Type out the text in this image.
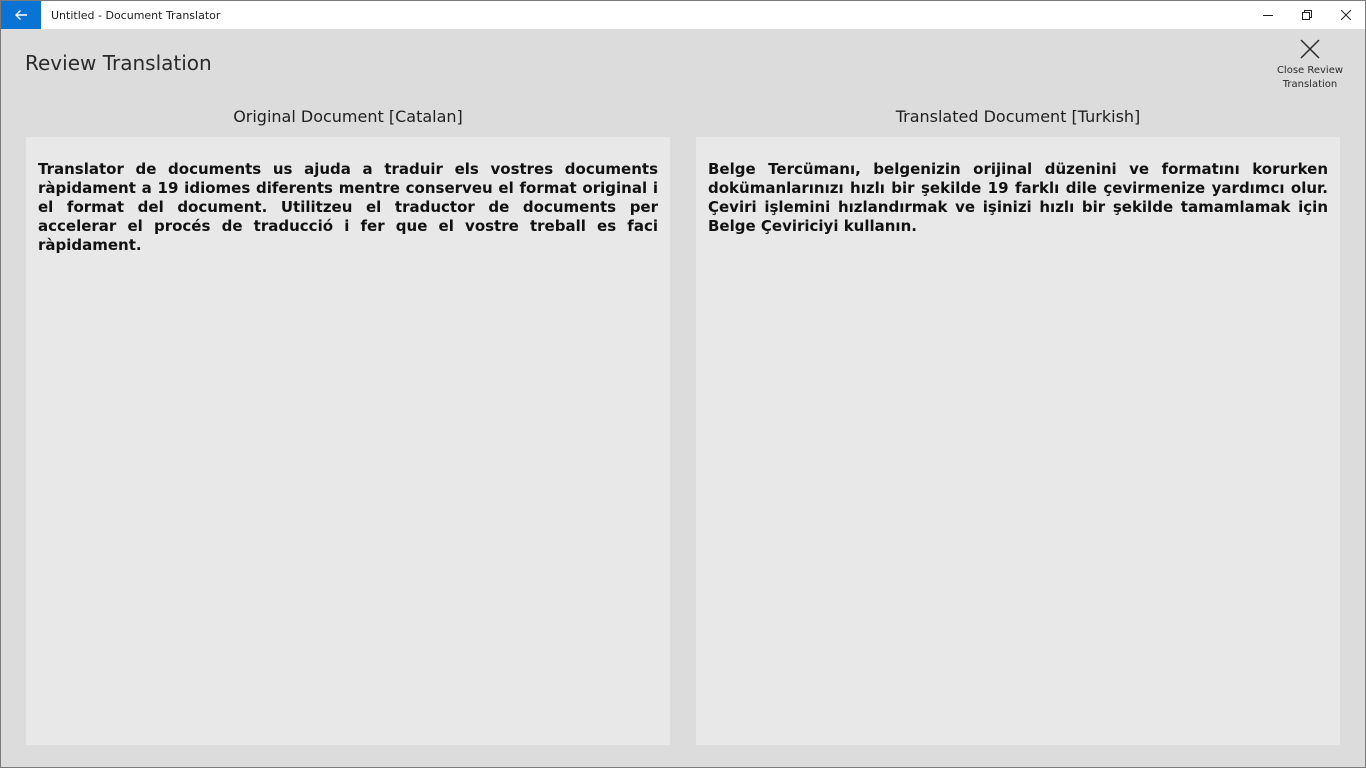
Untitled - Document Translator
Review Translation	Close Review
Translation
Original Document [Catalan]
Translator de documents us ajuda a traduir els vostres documents ràpidament a 19 idiomes diferents mentre conserveu el format original i el format del document. Utilitzeu el traductor de documents per accelerar el procés de traducció i fer que el vostre treball es faci ràpidament.
Translated Document [Turkish]
Belge Tercümanı, belgenizin orijinal düzenini ve formatını korurken dokümanlarınızı hızlı bir şekilde 19 farklı dile çevirmenize yardımcı olur. Çeviri işlemini hızlandırmak ve işinizi hızlı bir şekilde tamamlamak için Belge Çeviriciyi kullanın.
